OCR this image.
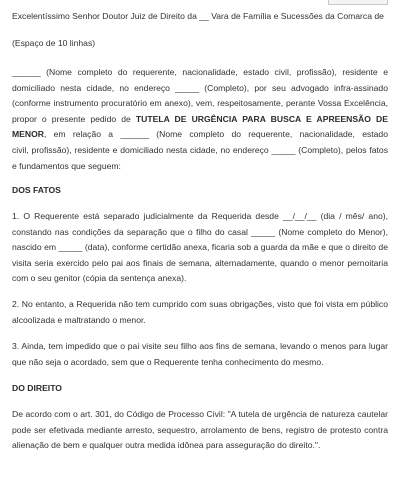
Excelentíssimo Senhor Doutor Juiz de Direito da __ Vara de Família e Sucessões da Comarca de
(Espaço de 10 linhas)
______ (Nome completo do requerente, nacionalidade, estado civil, profissão), residente e
domiciliado nesta cidade, no endereço _____ (Completo), por seu advogado infra-assinado
(conforme instrumento procuratório em anexo), vem, respeitosamente, perante Vossa Excelência,
propor o presente pedido de TUTELA DE URGÊNCIA PARA BUSCA E APREENSÃO DE
MENOR, em relação a ______ (Nome completo do requerente, nacionalidade, estado
civil, profissão), residente e domiciliado nesta cidade, no endereço _____ (Completo), pelos fatos
e fundamentos que seguem:
DOS FATOS
1. O Requerente está separado judicialmente da Requerida desde __/__/__ (dia / mês/ ano),
constando nas condições da separação que o filho do casal _____ (Nome completo do Menor),
nascido em _____ (data), conforme certidão anexa, ficaria sob a guarda da mãe e que o direito de
visita seria exercido pelo pai aos finais de semana, alternadamente, quando o menor pernoitaria
com o seu genitor (cópia da sentença anexa).
2. No entanto, a Requerida não tem cumprido com suas obrigações, visto que foi vista em público
alcoolizada e maltratando o menor.
3. Ainda, tem impedido que o pai visite seu filho aos fins de semana, levando o menos para lugar
que não seja o acordado, sem que o Requerente tenha conhecimento do mesmo.
DO DIREITO
De acordo com o art. 301, do Código de Processo Civil: "A tutela de urgência de natureza cautelar
pode ser efetivada mediante arresto, sequestro, arrolamento de bens, registro de protesto contra
alienação de bem e qualquer outra medida idônea para asseguração do direito.".
